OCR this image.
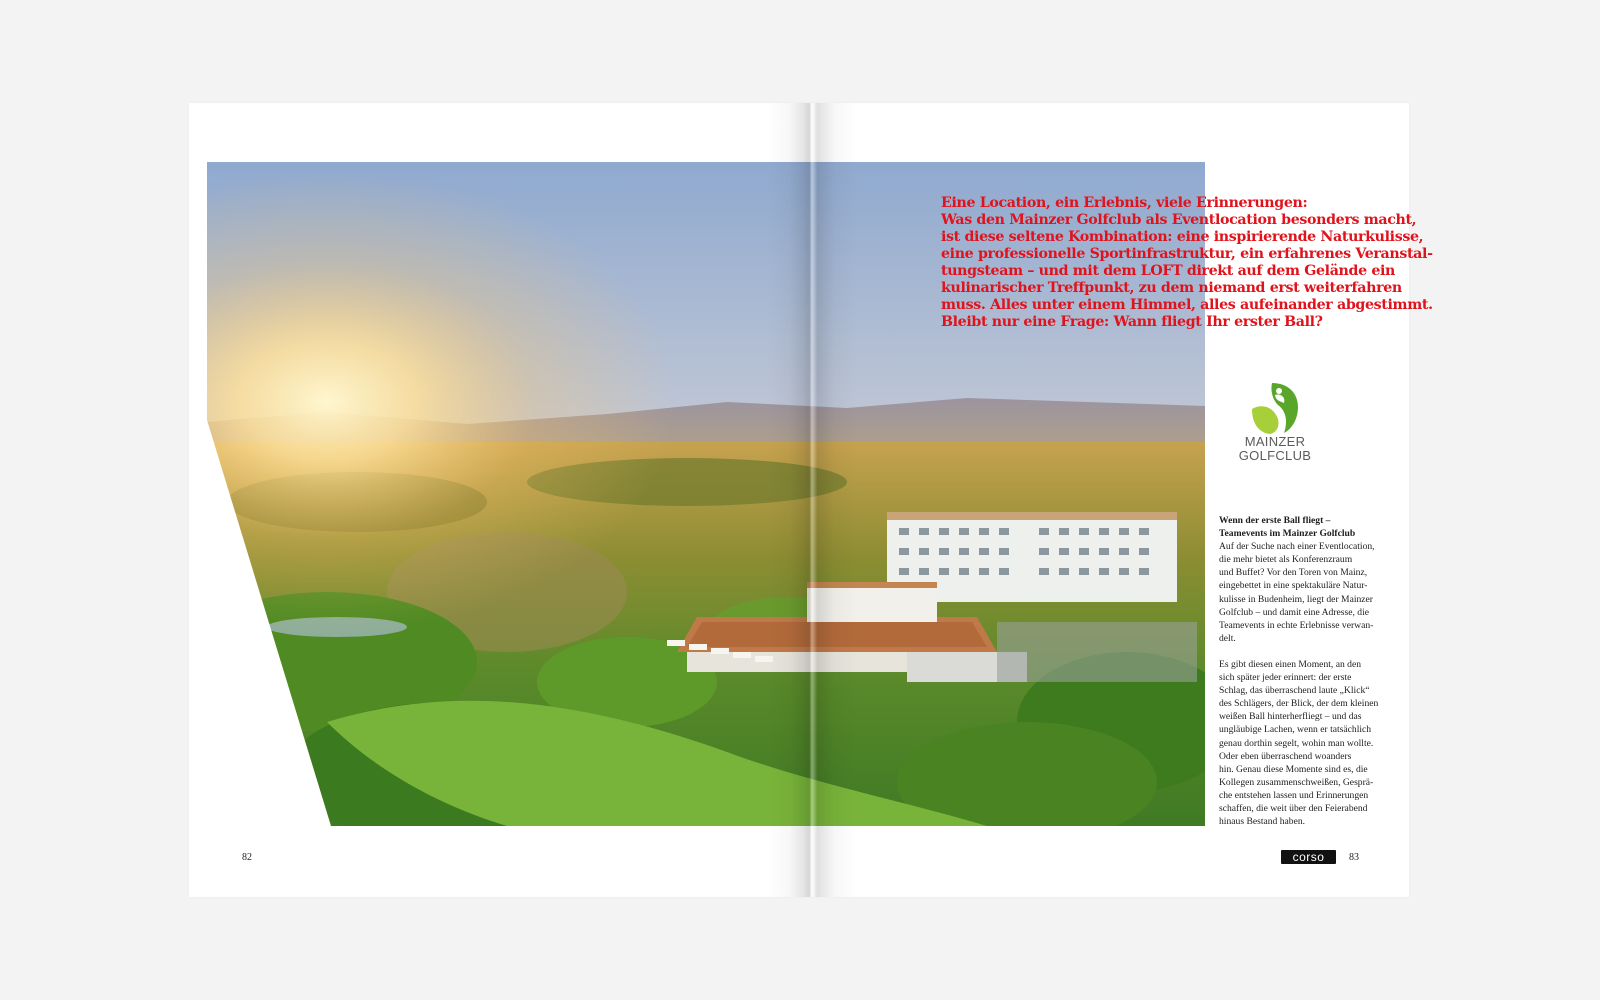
Eine Location, ein Erlebnis, viele Erinnerungen:
Was den Mainzer Golfclub als Eventlocation besonders macht,
ist diese seltene Kombination: eine inspirierende Naturkulisse,
eine professionelle Sportinfrastruktur, ein erfahrenes Veranstal-
tungsteam – und mit dem LOFT direkt auf dem Gelände ein
kulinarischer Treffpunkt, zu dem niemand erst weiterfahren
muss. Alles unter einem Himmel, alles aufeinander abgestimmt.
Bleibt nur eine Frage: Wann fliegt Ihr erster Ball?
MAINZER
GOLFCLUB
Wenn der erste Ball fliegt –
Teamevents im Mainzer Golfclub
Auf der Suche nach einer Eventlocation,
die mehr bietet als Konferenzraum
und Buffet? Vor den Toren von Mainz,
eingebettet in eine spektakuläre Natur-
kulisse in Budenheim, liegt der Mainzer
Golfclub – und damit eine Adresse, die
Teamevents in echte Erlebnisse verwan-
delt.
Es gibt diesen einen Moment, an den
sich später jeder erinnert: der erste
Schlag, das überraschend laute „Klick“
des Schlägers, der Blick, der dem kleinen
weißen Ball hinterherfliegt – und das
ungläubige Lachen, wenn er tatsächlich
genau dorthin segelt, wohin man wollte.
Oder eben überraschend woanders
hin. Genau diese Momente sind es, die
Kollegen zusammenschweißen, Gesprä-
che entstehen lassen und Erinnerungen
schaffen, die weit über den Feierabend
hinaus Bestand haben.
82	corso	83
